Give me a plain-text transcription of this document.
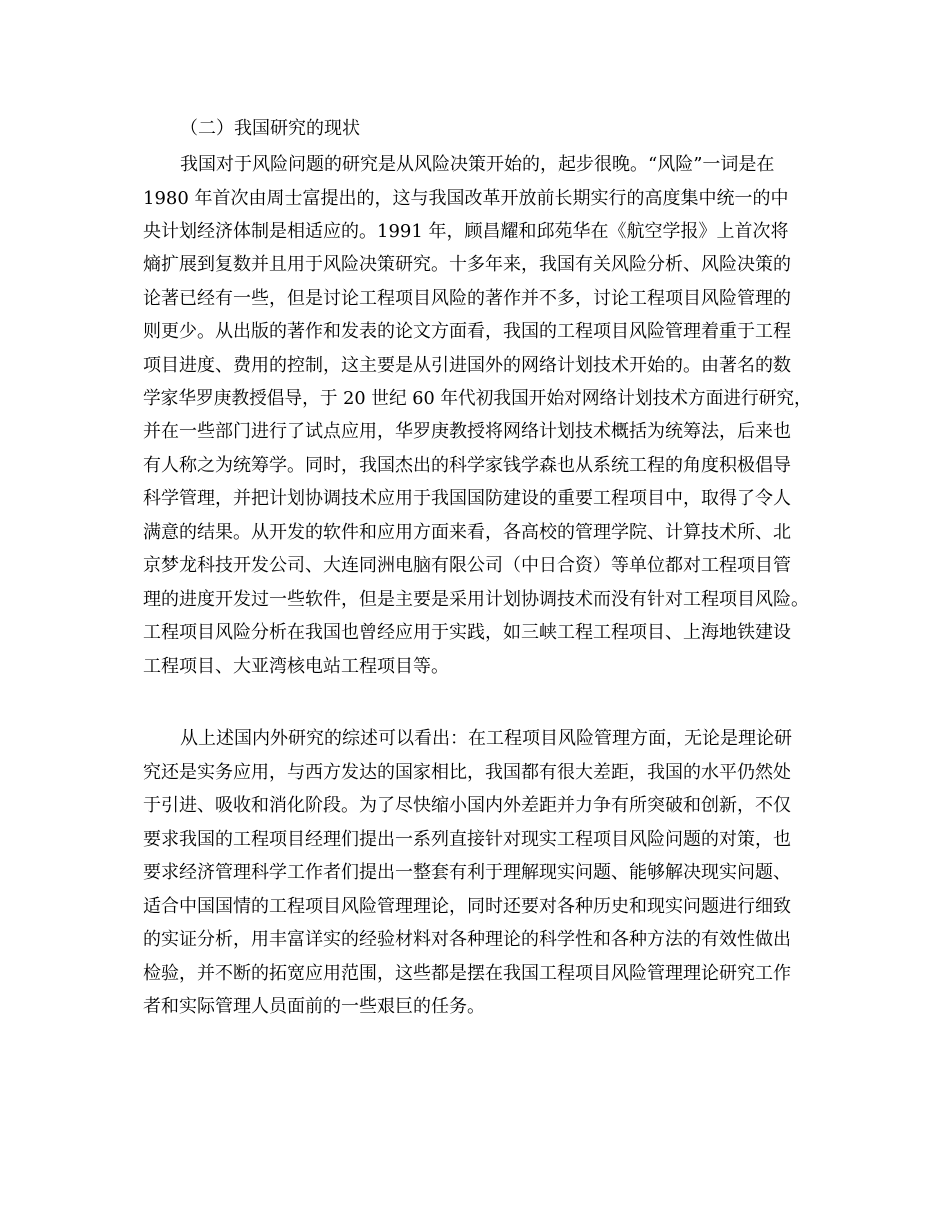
（二）我国研究的现状
我国对于风险问题的研究是从风险决策开始的，起步很晚。“风险”一词是在
1980 年首次由周士富提出的，这与我国改革开放前长期实行的高度集中统一的中
央计划经济体制是相适应的。1991 年，顾昌耀和邱苑华在《航空学报》上首次将
熵扩展到复数并且用于风险决策研究。十多年来，我国有关风险分析、风险决策的
论著已经有一些，但是讨论工程项目风险的著作并不多，讨论工程项目风险管理的
则更少。从出版的著作和发表的论文方面看，我国的工程项目风险管理着重于工程
项目进度、费用的控制，这主要是从引进国外的网络计划技术开始的。由著名的数
学家华罗庚教授倡导，于 20 世纪 60 年代初我国开始对网络计划技术方面进行研究，
并在一些部门进行了试点应用，华罗庚教授将网络计划技术概括为统筹法，后来也
有人称之为统筹学。同时，我国杰出的科学家钱学森也从系统工程的角度积极倡导
科学管理，并把计划协调技术应用于我国国防建设的重要工程项目中，取得了令人
满意的结果。从开发的软件和应用方面来看，各高校的管理学院、计算技术所、北
京梦龙科技开发公司、大连同洲电脑有限公司（中日合资）等单位都对工程项目管
理的进度开发过一些软件，但是主要是采用计划协调技术而没有针对工程项目风险。
工程项目风险分析在我国也曾经应用于实践，如三峡工程工程项目、上海地铁建设
工程项目、大亚湾核电站工程项目等。
从上述国内外研究的综述可以看出：在工程项目风险管理方面，无论是理论研
究还是实务应用，与西方发达的国家相比，我国都有很大差距，我国的水平仍然处
于引进、吸收和消化阶段。为了尽快缩小国内外差距并力争有所突破和创新，不仅
要求我国的工程项目经理们提出一系列直接针对现实工程项目风险问题的对策，也
要求经济管理科学工作者们提出一整套有利于理解现实问题、能够解决现实问题、
适合中国国情的工程项目风险管理理论，同时还要对各种历史和现实问题进行细致
的实证分析，用丰富详实的经验材料对各种理论的科学性和各种方法的有效性做出
检验，并不断的拓宽应用范围，这些都是摆在我国工程项目风险管理理论研究工作
者和实际管理人员面前的一些艰巨的任务。
